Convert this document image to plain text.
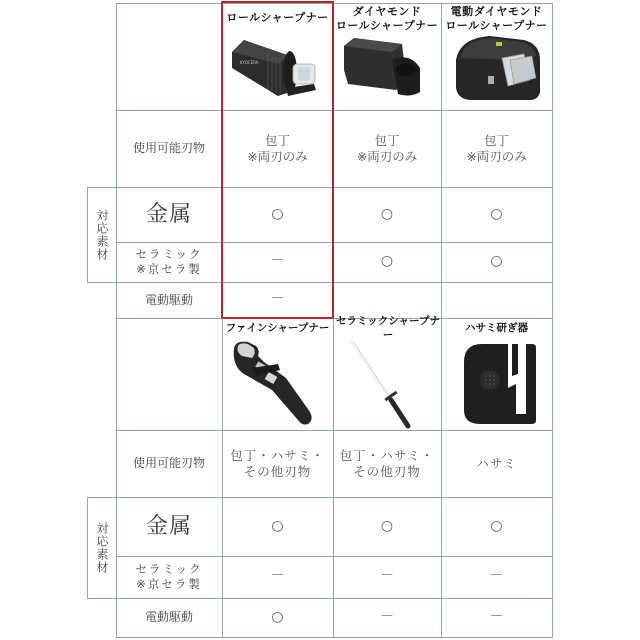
ロールシャープナー ダイヤモンド
ロールシャープナー
電動ダイヤモンド
ロールシャープナー
KYOCERA
使用可能刃物
対応素材 金属
セラミック
※京セラ製
電動駆動
包丁
※両刃のみ
○
－
－
包丁
※両刃のみ
○
○
包丁
※両刃のみ
○
○
ファインシャープナー
セラミックシャープナー
ハサミ研ぎ器
使用可能刃物
対応素材 金属
セラミック
※京セラ製
電動駆動
包丁・ハサミ・
その他刃物
○
－
○
包丁・ハサミ・
その他刃物
○
－
－
ハサミ
○
－
－
